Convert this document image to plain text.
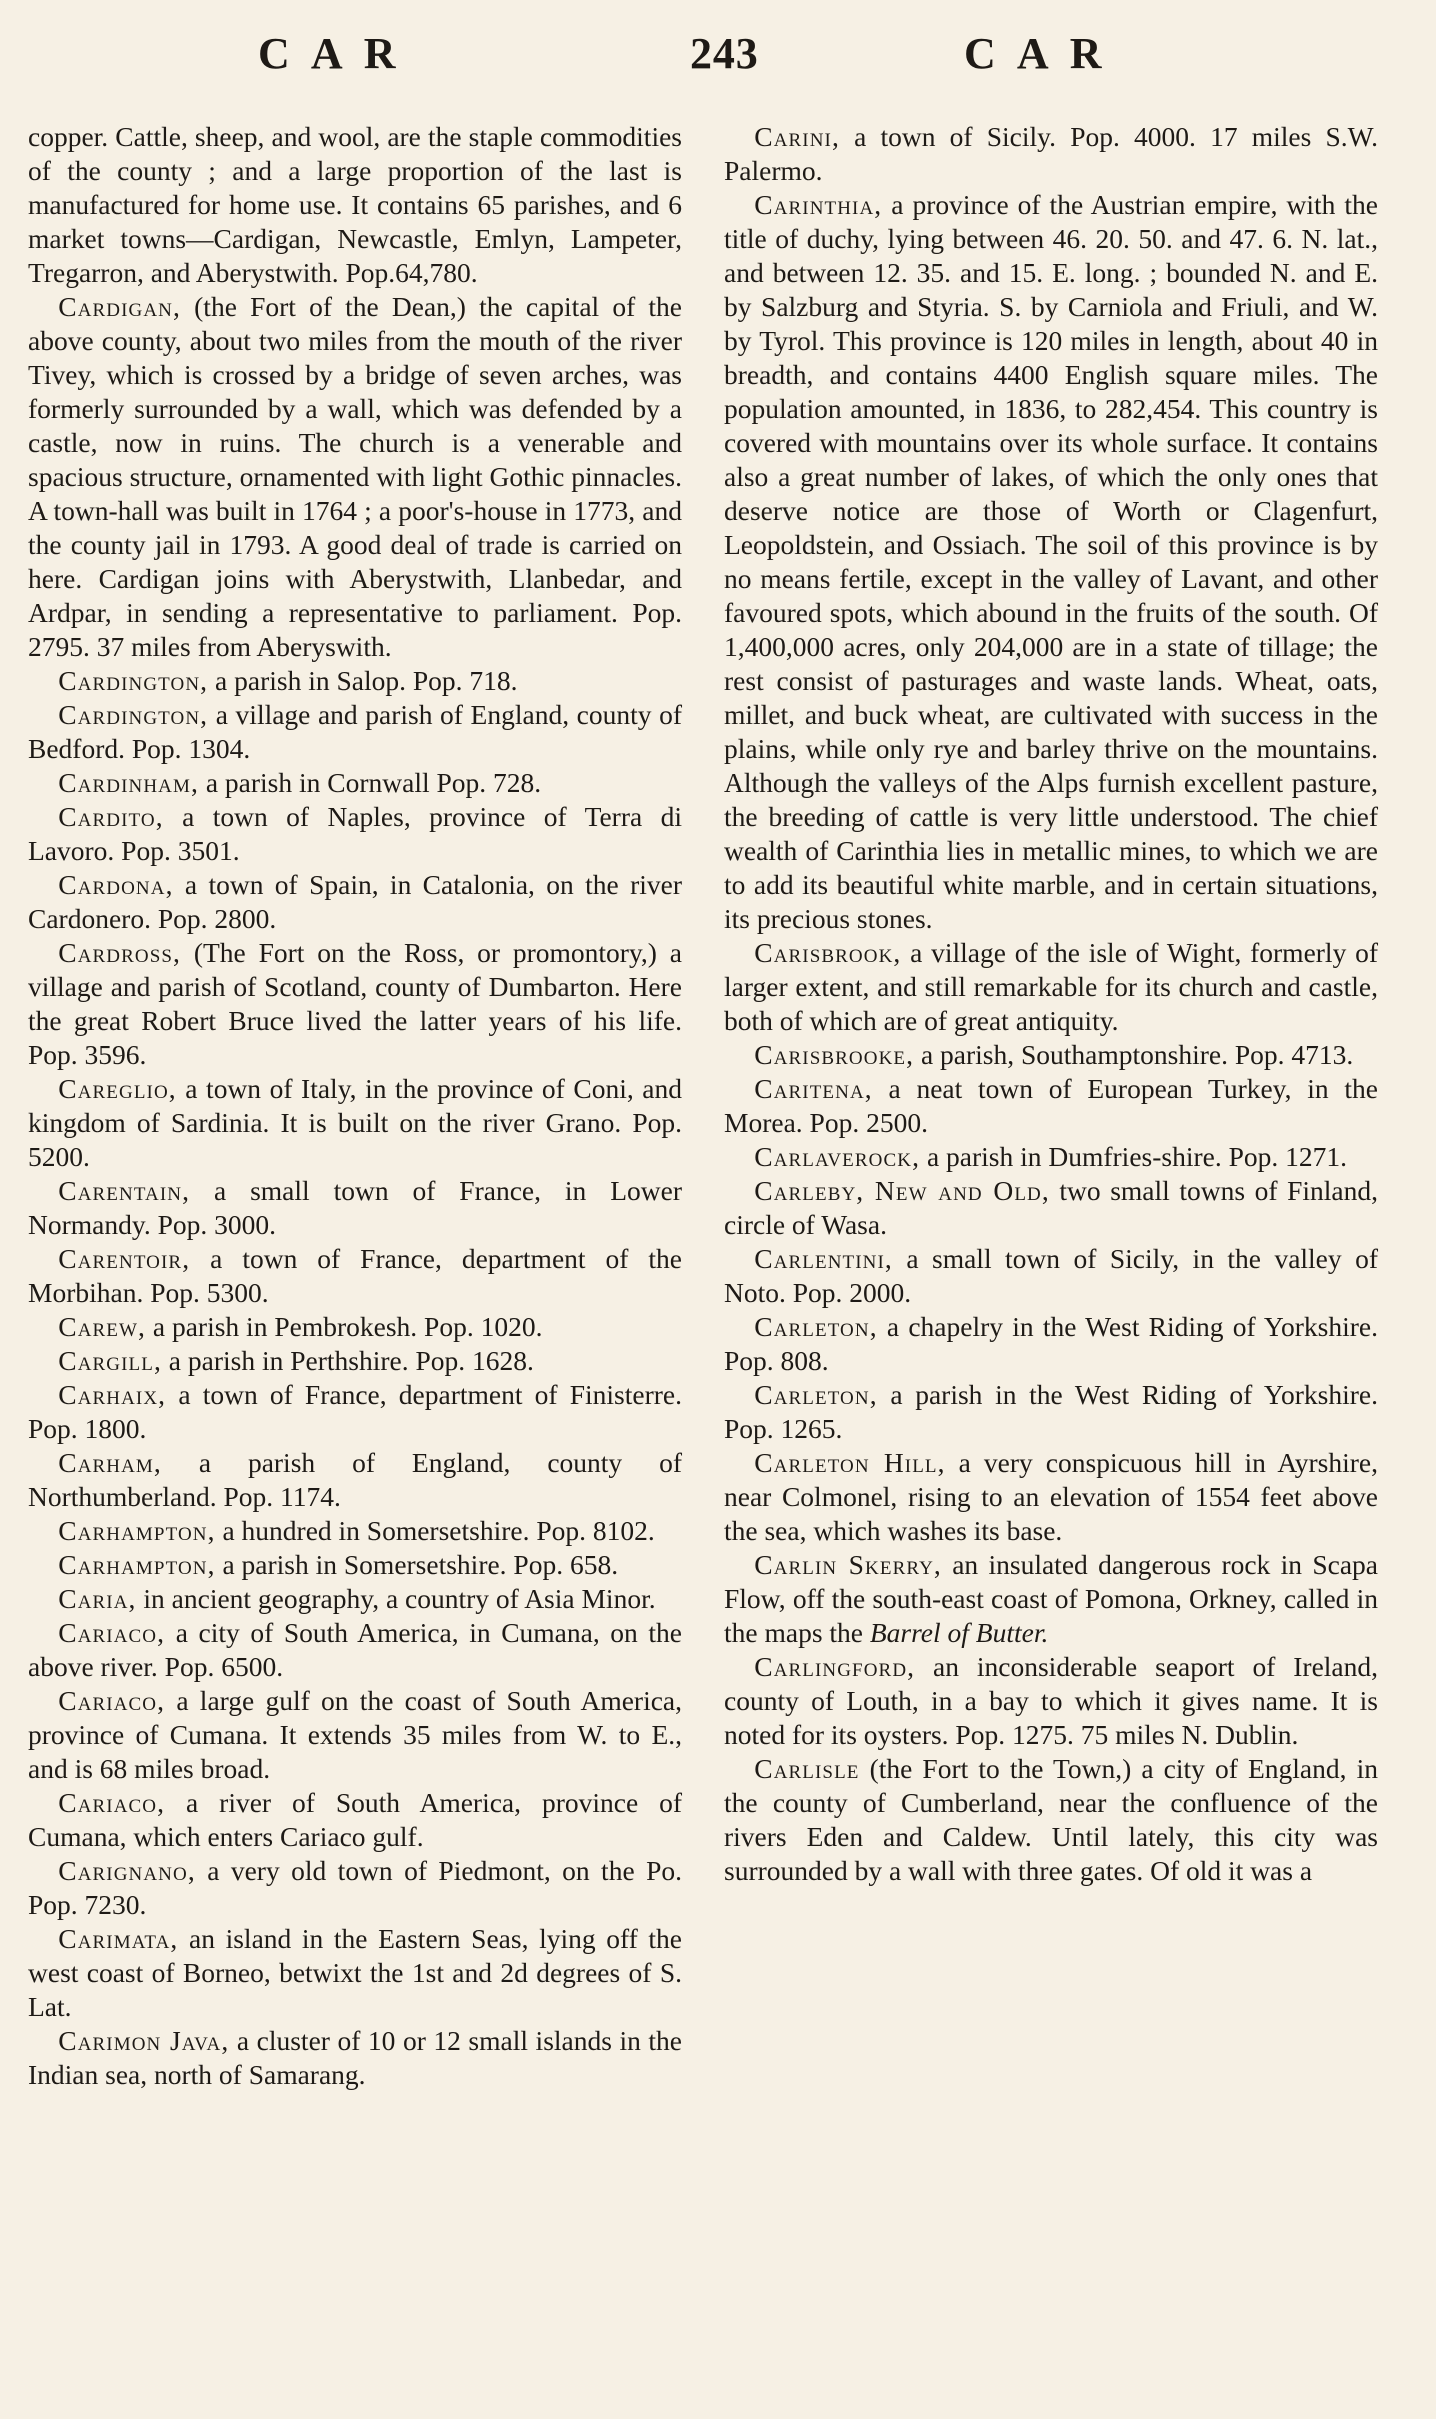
CAR	243	CAR

copper. Cattle, sheep, and wool, are the staple commodities of the county ; and a large proportion of the last is manufactured for home use. It contains 65 parishes, and 6 market towns—Cardigan, Newcastle, Emlyn, Lampeter, Tregarron, and Aberystwith. Pop.64,780.

Cardigan, (the Fort of the Dean,) the capital of the above county, about two miles from the mouth of the river Tivey, which is crossed by a bridge of seven arches, was formerly surrounded by a wall, which was defended by a castle, now in ruins. The church is a venerable and spacious structure, ornamented with light Gothic pinnacles. A town-hall was built in 1764 ; a poor's-house in 1773, and the county jail in 1793. A good deal of trade is carried on here. Cardigan joins with Aberystwith, Llanbedar, and Ardpar, in sending a representative to parliament. Pop. 2795. 37 miles from Aberyswith.

Cardington, a parish in Salop. Pop. 718.

Cardington, a village and parish of England, county of Bedford. Pop. 1304.

Cardinham, a parish in Cornwall Pop. 728.

Cardito, a town of Naples, province of Terra di Lavoro. Pop. 3501.

Cardona, a town of Spain, in Catalonia, on the river Cardonero. Pop. 2800.

Cardross, (The Fort on the Ross, or promontory,) a village and parish of Scotland, county of Dumbarton. Here the great Robert Bruce lived the latter years of his life. Pop. 3596.

Careglio, a town of Italy, in the province of Coni, and kingdom of Sardinia. It is built on the river Grano. Pop. 5200.

Carentain, a small town of France, in Lower Normandy. Pop. 3000.

Carentoir, a town of France, department of the Morbihan. Pop. 5300.

Carew, a parish in Pembrokesh. Pop. 1020.

Cargill, a parish in Perthshire. Pop. 1628.

Carhaix, a town of France, department of Finisterre. Pop. 1800.

Carham, a parish of England, county of Northumberland. Pop. 1174.

Carhampton, a hundred in Somersetshire. Pop. 8102.

Carhampton, a parish in Somersetshire. Pop. 658.

Caria, in ancient geography, a country of Asia Minor.

Cariaco, a city of South America, in Cumana, on the above river. Pop. 6500.

Cariaco, a large gulf on the coast of South America, province of Cumana. It extends 35 miles from W. to E., and is 68 miles broad.

Cariaco, a river of South America, province of Cumana, which enters Cariaco gulf.

Carignano, a very old town of Piedmont, on the Po. Pop. 7230.

Carimata, an island in the Eastern Seas, lying off the west coast of Borneo, betwixt the 1st and 2d degrees of S. Lat.

Carimon Java, a cluster of 10 or 12 small islands in the Indian sea, north of Samarang.

Carini, a town of Sicily. Pop. 4000. 17 miles S.W. Palermo.

Carinthia, a province of the Austrian empire, with the title of duchy, lying between 46. 20. 50. and 47. 6. N. lat., and between 12. 35. and 15. E. long. ; bounded N. and E. by Salzburg and Styria. S. by Carniola and Friuli, and W. by Tyrol. This province is 120 miles in length, about 40 in breadth, and contains 4400 English square miles. The population amounted, in 1836, to 282,454. This country is covered with mountains over its whole surface. It contains also a great number of lakes, of which the only ones that deserve notice are those of Worth or Clagenfurt, Leopoldstein, and Ossiach. The soil of this province is by no means fertile, except in the valley of Lavant, and other favoured spots, which abound in the fruits of the south. Of 1,400,000 acres, only 204,000 are in a state of tillage; the rest consist of pasturages and waste lands. Wheat, oats, millet, and buck wheat, are cultivated with success in the plains, while only rye and barley thrive on the mountains. Although the valleys of the Alps furnish excellent pasture, the breeding of cattle is very little understood. The chief wealth of Carinthia lies in metallic mines, to which we are to add its beautiful white marble, and in certain situations, its precious stones.

Carisbrook, a village of the isle of Wight, formerly of larger extent, and still remarkable for its church and castle, both of which are of great antiquity.

Carisbrooke, a parish, Southamptonshire. Pop. 4713.

Caritena, a neat town of European Turkey, in the Morea. Pop. 2500.

Carlaverock, a parish in Dumfries-shire. Pop. 1271.

Carleby, New and Old, two small towns of Finland, circle of Wasa.

Carlentini, a small town of Sicily, in the valley of Noto. Pop. 2000.

Carleton, a chapelry in the West Riding of Yorkshire. Pop. 808.

Carleton, a parish in the West Riding of Yorkshire. Pop. 1265.

Carleton Hill, a very conspicuous hill in Ayrshire, near Colmonel, rising to an elevation of 1554 feet above the sea, which washes its base.

Carlin Skerry, an insulated dangerous rock in Scapa Flow, off the south-east coast of Pomona, Orkney, called in the maps the Barrel of Butter.

Carlingford, an inconsiderable seaport of Ireland, county of Louth, in a bay to which it gives name. It is noted for its oysters. Pop. 1275. 75 miles N. Dublin.

Carlisle (the Fort to the Town,) a city of England, in the county of Cumberland, near the confluence of the rivers Eden and Caldew. Until lately, this city was surrounded by a wall with three gates. Of old it was a
